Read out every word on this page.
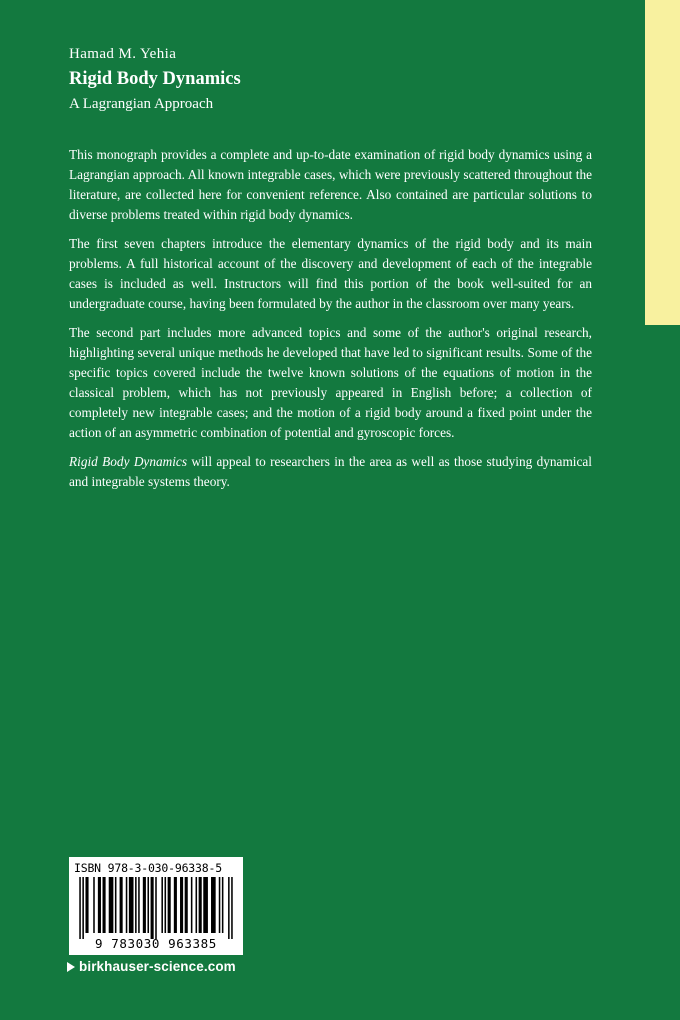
Hamad M. Yehia
Rigid Body Dynamics
A Lagrangian Approach

This monograph provides a complete and up-to-date examination of rigid body dynamics using a Lagrangian approach. All known integrable cases, which were previously scattered throughout the literature, are collected here for convenient reference. Also contained are particular solutions to diverse problems treated within rigid body dynamics.

The first seven chapters introduce the elementary dynamics of the rigid body and its main problems. A full historical account of the discovery and development of each of the integrable cases is included as well. Instructors will find this portion of the book well-suited for an undergraduate course, having been formulated by the author in the classroom over many years.

The second part includes more advanced topics and some of the author's original research, highlighting several unique methods he developed that have led to significant results. Some of the specific topics covered include the twelve known solutions of the equations of motion in the classical problem, which has not previously appeared in English before; a collection of completely new integrable cases; and the motion of a rigid body around a fixed point under the action of an asymmetric combination of potential and gyroscopic forces.

Rigid Body Dynamics will appeal to researchers in the area as well as those studying dynamical and integrable systems theory.

ISBN 978-3-030-96338-5
9 783030 963385
birkhauser-science.com
